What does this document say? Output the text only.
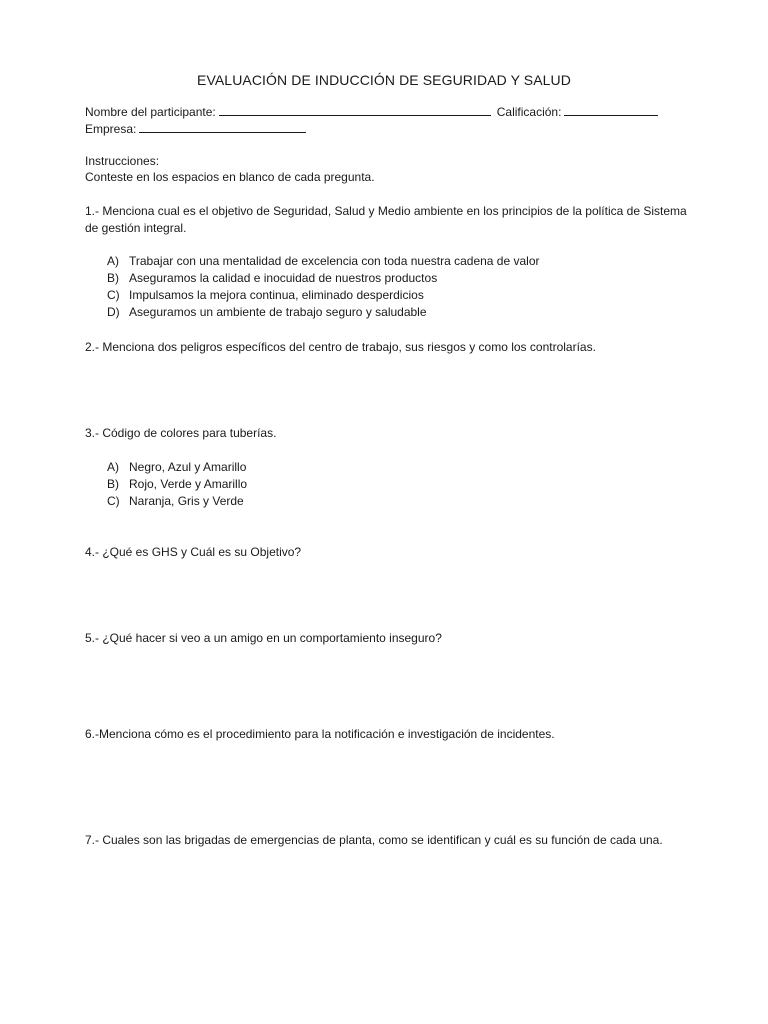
EVALUACIÓN DE INDUCCIÓN DE SEGURIDAD Y SALUD
Nombre del participante:	Calificación:
Empresa:
Instrucciones:
Conteste en los espacios en blanco de cada pregunta.
1.- Menciona cual es el objetivo de Seguridad, Salud y Medio ambiente en los principios de la política de Sistema
de gestión integral.
A) Trabajar con una mentalidad de excelencia con toda nuestra cadena de valor
B) Aseguramos la calidad e inocuidad de nuestros productos
C) Impulsamos la mejora continua, eliminado desperdicios
D) Aseguramos un ambiente de trabajo seguro y saludable
2.- Menciona dos peligros específicos del centro de trabajo, sus riesgos y como los controlarías.
3.- Código de colores para tuberías.
A) Negro, Azul y Amarillo
B) Rojo, Verde y Amarillo
C) Naranja, Gris y Verde
4.- ¿Qué es GHS y Cuál es su Objetivo?
5.- ¿Qué hacer si veo a un amigo en un comportamiento inseguro?
6.-Menciona cómo es el procedimiento para la notificación e investigación de incidentes.
7.- Cuales son las brigadas de emergencias de planta, como se identifican y cuál es su función de cada una.
